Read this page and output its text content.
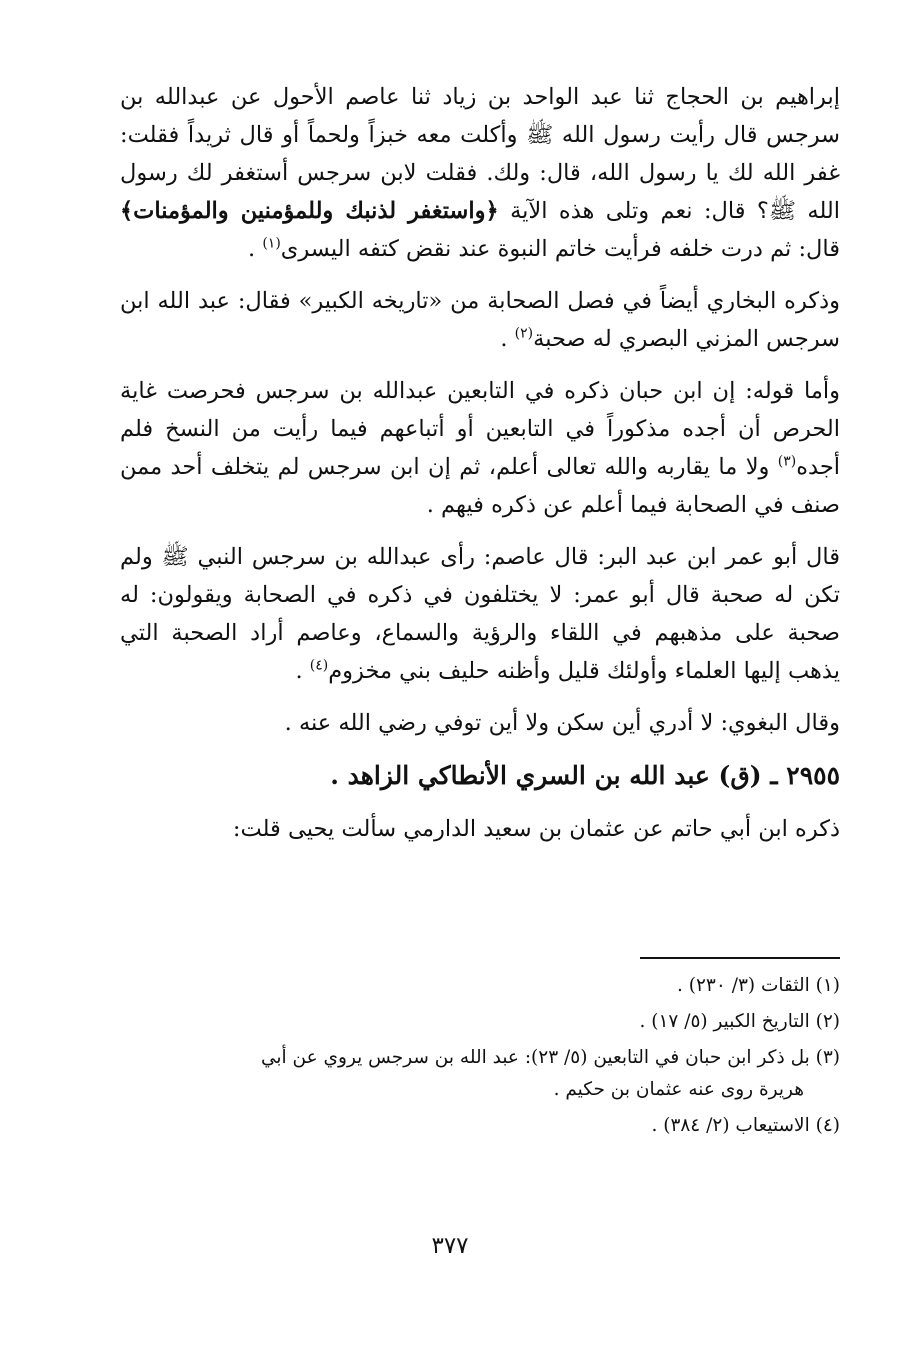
إبراهيم بن الحجاج ثنا عبد الواحد بن زياد ثنا عاصم الأحول عن عبدالله بن سرجس قال رأيت رسول الله ﷺ وأكلت معه خبزاً ولحماً أو قال ثريداً فقلت: غفر الله لك يا رسول الله، قال: ولك. فقلت لابن سرجس أستغفر لك رسول الله ﷺ؟ قال: نعم وتلى هذه الآية ﴿واستغفر لذنبك وللمؤمنين والمؤمنات﴾ قال: ثم درت خلفه فرأيت خاتم النبوة عند نقض كتفه اليسرى$^{(١)}$ .

وذكره البخاري أيضاً في فصل الصحابة من «تاريخه الكبير» فقال: عبد الله ابن سرجس المزني البصري له صحبة$^{(٢)}$ .

وأما قوله: إن ابن حبان ذكره في التابعين عبدالله بن سرجس فحرصت غاية الحرص أن أجده مذكوراً في التابعين أو أتباعهم فيما رأيت من النسخ فلم أجده$^{(٣)}$ ولا ما يقاربه والله تعالى أعلم، ثم إن ابن سرجس لم يتخلف أحد ممن صنف في الصحابة فيما أعلم عن ذكره فيهم .

قال أبو عمر ابن عبد البر: قال عاصم: رأى عبدالله بن سرجس النبي ﷺ ولم تكن له صحبة قال أبو عمر: لا يختلفون في ذكره في الصحابة ويقولون: له صحبة على مذهبهم في اللقاء والرؤية والسماع، وعاصم أراد الصحبة التي يذهب إليها العلماء وأولئك قليل وأظنه حليف بني مخزوم$^{(٤)}$ .

وقال البغوي: لا أدري أين سكن ولا أين توفي رضي الله عنه .

٢٩٥٥ ـ (ق) عبد الله بن السري الأنطاكي الزاهد .

ذكره ابن أبي حاتم عن عثمان بن سعيد الدارمي سألت يحيى قلت:

(١) الثقات (٣/ ٢٣٠) .

(٢) التاريخ الكبير (٥/ ١٧) .

(٣) بل ذكر ابن حبان في التابعين (٥/ ٢٣): عبد الله بن سرجس يروي عن أبي
هريرة روى عنه عثمان بن حكيم .

(٤) الاستيعاب (٢/ ٣٨٤) .

٣٧٧
